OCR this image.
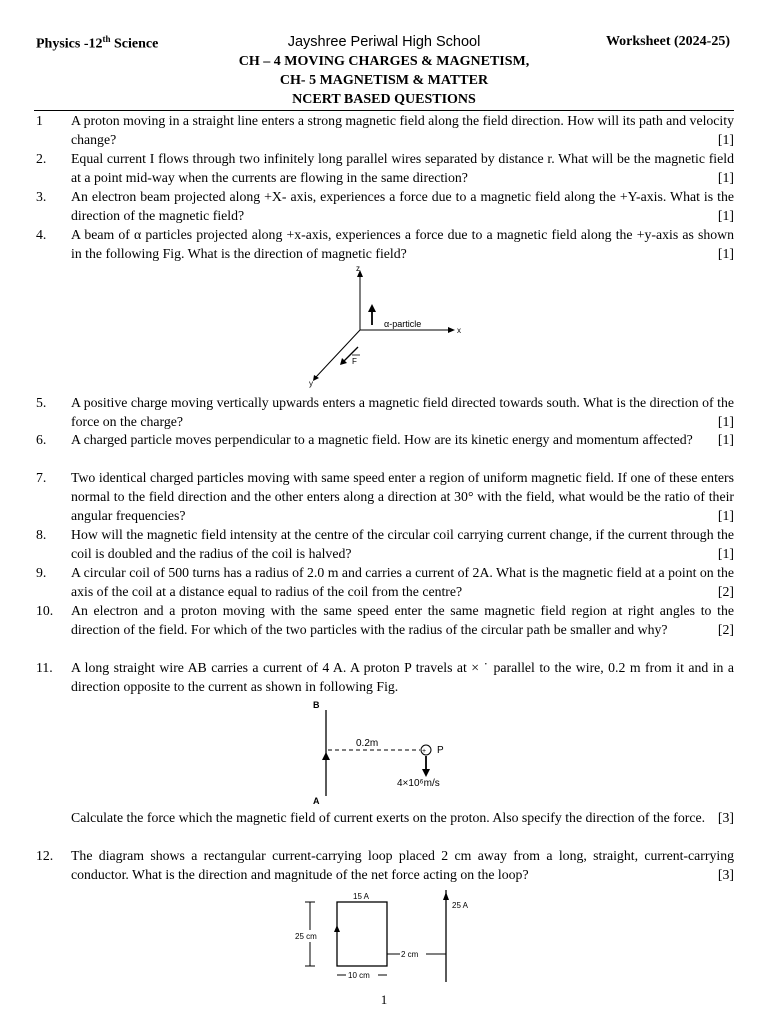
Physics -12th Science	Jayshree Periwal High School	Worksheet (2024-25)
CH – 4 MOVING CHARGES & MAGNETISM,
CH- 5 MAGNETISM & MATTER
NCERT BASED QUESTIONS
1	A proton moving in a straight line enters a strong magnetic field along the field direction. How will its path and velocity change?	[1]
2.	Equal current I flows through two infinitely long parallel wires separated by distance r. What will be the magnetic field at a point mid-way when the currents are flowing in the same direction?	[1]
3.	An electron beam projected along +X- axis, experiences a force due to a magnetic field along the +Y-axis. What is the direction of the magnetic field?	[1]
4.	A beam of α particles projected along +x-axis, experiences a force due to a magnetic field along the +y-axis as shown in the following Fig. What is the direction of magnetic field?	[1]
z
x
y
α-particle
F
5.	A positive charge moving vertically upwards enters a magnetic field directed towards south. What is the direction of the force on the charge?	[1]
6.	A charged particle moves perpendicular to a magnetic field. How are its kinetic energy and momentum affected? [1]
7.	Two identical charged particles moving with same speed enter a region of uniform magnetic field. If one of these enters normal to the field direction and the other enters along a direction at 30° with the field, what would be the ratio of their angular frequencies?	[1]
8.	How will the magnetic field intensity at the centre of the circular coil carrying current change, if the current through the coil is doubled and the radius of the coil is halved?	[1]
9.	A circular coil of 500 turns has a radius of 2.0 m and carries a current of 2A. What is the magnetic field at a point on the axis of the coil at a distance equal to radius of the coil from the centre?	[2]
10.	An electron and a proton moving with the same speed enter the same magnetic field region at right angles to the direction of the field. For which of the two particles with the radius of the circular path be smaller and why?	[2]
11.	A long straight wire AB carries a current of 4 A. A proton P travels at × ˙ parallel to the wire, 0.2 m from it and in a direction opposite to the current as shown in following Fig.
B
A
0.2m
+ P
4×10⁶m/s
Calculate the force which the magnetic field of current exerts on the proton. Also specify the direction of the force. [3]
12.	The diagram shows a rectangular current-carrying loop placed 2 cm away from a long, straight, current-carrying conductor. What is the direction and magnitude of the net force acting on the loop?	[3]
15 A
25 A
25 cm
10 cm
2 cm
1
